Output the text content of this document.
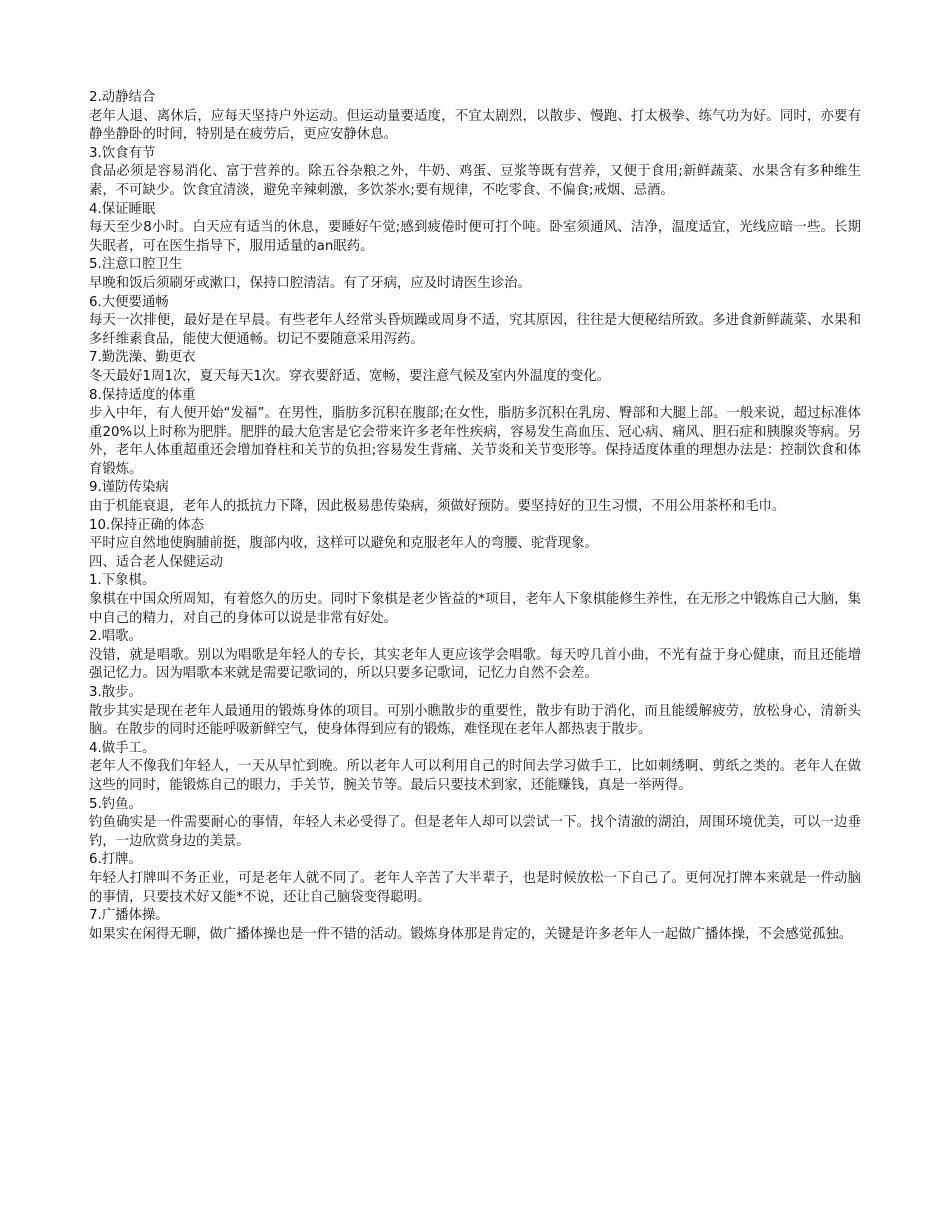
2.动静结合

老年人退、离休后，应每天坚持户外运动。但运动量要适度，不宜太剧烈，以散步、慢跑、打太极拳、练气功为好。同时，亦要有静坐静卧的时间，特别是在疲劳后，更应安静休息。

3.饮食有节

食品必须是容易消化、富于营养的。除五谷杂粮之外，牛奶、鸡蛋、豆浆等既有营养，又便于食用;新鲜蔬菜、水果含有多种维生素，不可缺少。饮食宜清淡，避免辛辣刺激，多饮茶水;要有规律，不吃零食、不偏食;戒烟、忌酒。

4.保证睡眠

每天至少8小时。白天应有适当的休息，要睡好午觉;感到疲倦时便可打个吨。卧室须通风、洁净，温度适宜，光线应暗一些。长期失眠者，可在医生指导下，服用适量的an眠药。

5.注意口腔卫生

早晚和饭后须刷牙或漱口，保持口腔清洁。有了牙病，应及时请医生诊治。

6.大便要通畅

每天一次排便，最好是在早晨。有些老年人经常头昏烦躁或周身不适，究其原因，往往是大便秘结所致。多进食新鲜蔬菜、水果和多纤维素食品，能使大便通畅。切记不要随意采用泻药。

7.勤洗澡、勤更衣

冬天最好1周1次，夏天每天1次。穿衣要舒适、宽畅，要注意气候及室内外温度的变化。

8.保持适度的体重

步入中年，有人便开始“发福”。在男性，脂肪多沉积在腹部;在女性，脂肪多沉积在乳房、臀部和大腿上部。一般来说，超过标准体重20%以上时称为肥胖。肥胖的最大危害是它会带来许多老年性疾病，容易发生高血压、冠心病、痛风、胆石症和胰腺炎等病。另外，老年人体重超重还会增加脊柱和关节的负担;容易发生背痛、关节炎和关节变形等。保持适度体重的理想办法是：控制饮食和体育锻炼。

9.谨防传染病

由于机能衰退，老年人的抵抗力下降，因此极易患传染病，须做好预防。要坚持好的卫生习惯，不用公用茶杯和毛巾。

10.保持正确的体态

平时应自然地使胸脯前挺，腹部内收，这样可以避免和克服老年人的弯腰、驼背现象。

四、适合老人保健运动

1.下象棋。

象棋在中国众所周知，有着悠久的历史。同时下象棋是老少皆益的*项目，老年人下象棋能修生养性，在无形之中锻炼自己大脑，集中自己的精力，对自己的身体可以说是非常有好处。

2.唱歌。

没错，就是唱歌。别以为唱歌是年轻人的专长，其实老年人更应该学会唱歌。每天哼几首小曲，不光有益于身心健康，而且还能增强记忆力。因为唱歌本来就是需要记歌词的，所以只要多记歌词，记忆力自然不会差。

3.散步。

散步其实是现在老年人最通用的锻炼身体的项目。可别小瞧散步的重要性，散步有助于消化，而且能缓解疲劳，放松身心，清新头脑。在散步的同时还能呼吸新鲜空气，使身体得到应有的锻炼，难怪现在老年人都热衷于散步。

4.做手工。

老年人不像我们年轻人，一天从早忙到晚。所以老年人可以利用自己的时间去学习做手工，比如刺绣啊、剪纸之类的。老年人在做这些的同时，能锻炼自己的眼力，手关节，腕关节等。最后只要技术到家，还能赚钱，真是一举两得。

5.钓鱼。

钓鱼确实是一件需要耐心的事情，年轻人未必受得了。但是老年人却可以尝试一下。找个清澈的湖泊，周围环境优美，可以一边垂钓，一边欣赏身边的美景。

6.打牌。

年轻人打牌叫不务正业，可是老年人就不同了。老年人辛苦了大半辈子，也是时候放松一下自己了。更何况打牌本来就是一件动脑的事情，只要技术好又能*不说，还让自己脑袋变得聪明。

7.广播体操。

如果实在闲得无聊，做广播体操也是一件不错的活动。锻炼身体那是肯定的，关键是许多老年人一起做广播体操，不会感觉孤独。
